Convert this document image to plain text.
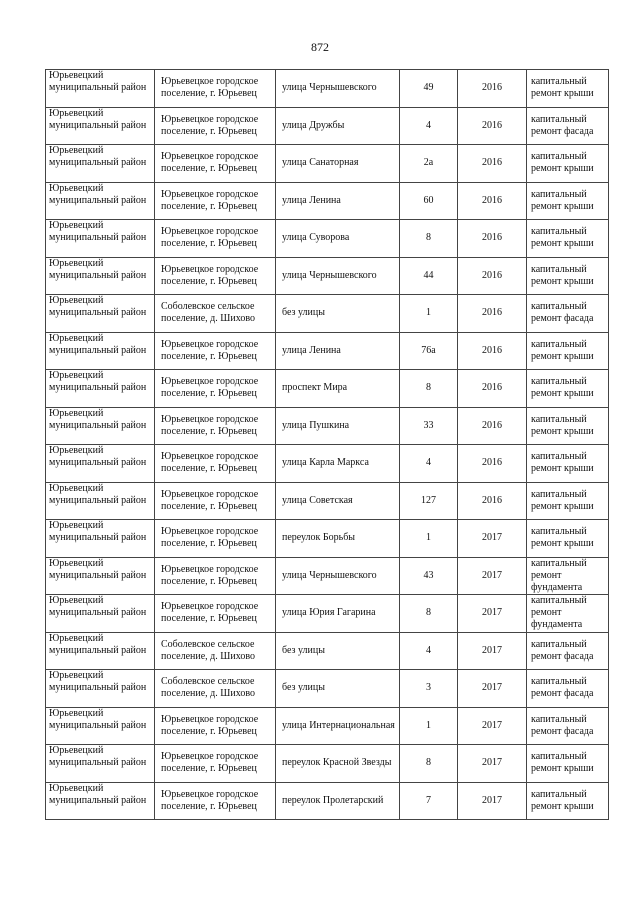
872
Юрьевецкий муниципальный район	Юрьевецкое городское поселение, г. Юрьевец	улица Чернышевского	49	2016	капитальный ремонт крыши
Юрьевецкий муниципальный район	Юрьевецкое городское поселение, г. Юрьевец	улица Дружбы	4	2016	капитальный ремонт фасада
Юрьевецкий муниципальный район	Юрьевецкое городское поселение, г. Юрьевец	улица Санаторная	2а	2016	капитальный ремонт крыши
Юрьевецкий муниципальный район	Юрьевецкое городское поселение, г. Юрьевец	улица Ленина	60	2016	капитальный ремонт крыши
Юрьевецкий муниципальный район	Юрьевецкое городское поселение, г. Юрьевец	улица Суворова	8	2016	капитальный ремонт крыши
Юрьевецкий муниципальный район	Юрьевецкое городское поселение, г. Юрьевец	улица Чернышевского	44	2016	капитальный ремонт крыши
Юрьевецкий муниципальный район	Соболевское сельское поселение, д. Шихово	без улицы	1	2016	капитальный ремонт фасада
Юрьевецкий муниципальный район	Юрьевецкое городское поселение, г. Юрьевец	улица Ленина	76а	2016	капитальный ремонт крыши
Юрьевецкий муниципальный район	Юрьевецкое городское поселение, г. Юрьевец	проспект Мира	8	2016	капитальный ремонт крыши
Юрьевецкий муниципальный район	Юрьевецкое городское поселение, г. Юрьевец	улица Пушкина	33	2016	капитальный ремонт крыши
Юрьевецкий муниципальный район	Юрьевецкое городское поселение, г. Юрьевец	улица Карла Маркса	4	2016	капитальный ремонт крыши
Юрьевецкий муниципальный район	Юрьевецкое городское поселение, г. Юрьевец	улица Советская	127	2016	капитальный ремонт крыши
Юрьевецкий муниципальный район	Юрьевецкое городское поселение, г. Юрьевец	переулок Борьбы	1	2017	капитальный ремонт крыши
Юрьевецкий муниципальный район	Юрьевецкое городское поселение, г. Юрьевец	улица Чернышевского	43	2017	капитальный ремонт фундамента
Юрьевецкий муниципальный район	Юрьевецкое городское поселение, г. Юрьевец	улица Юрия Гагарина	8	2017	капитальный ремонт фундамента
Юрьевецкий муниципальный район	Соболевское сельское поселение, д. Шихово	без улицы	4	2017	капитальный ремонт фасада
Юрьевецкий муниципальный район	Соболевское сельское поселение, д. Шихово	без улицы	3	2017	капитальный ремонт фасада
Юрьевецкий муниципальный район	Юрьевецкое городское поселение, г. Юрьевец	улица Интернациональная	1	2017	капитальный ремонт фасада
Юрьевецкий муниципальный район	Юрьевецкое городское поселение, г. Юрьевец	переулок Красной Звезды	8	2017	капитальный ремонт крыши
Юрьевецкий муниципальный район	Юрьевецкое городское поселение, г. Юрьевец	переулок Пролетарский	7	2017	капитальный ремонт крыши
